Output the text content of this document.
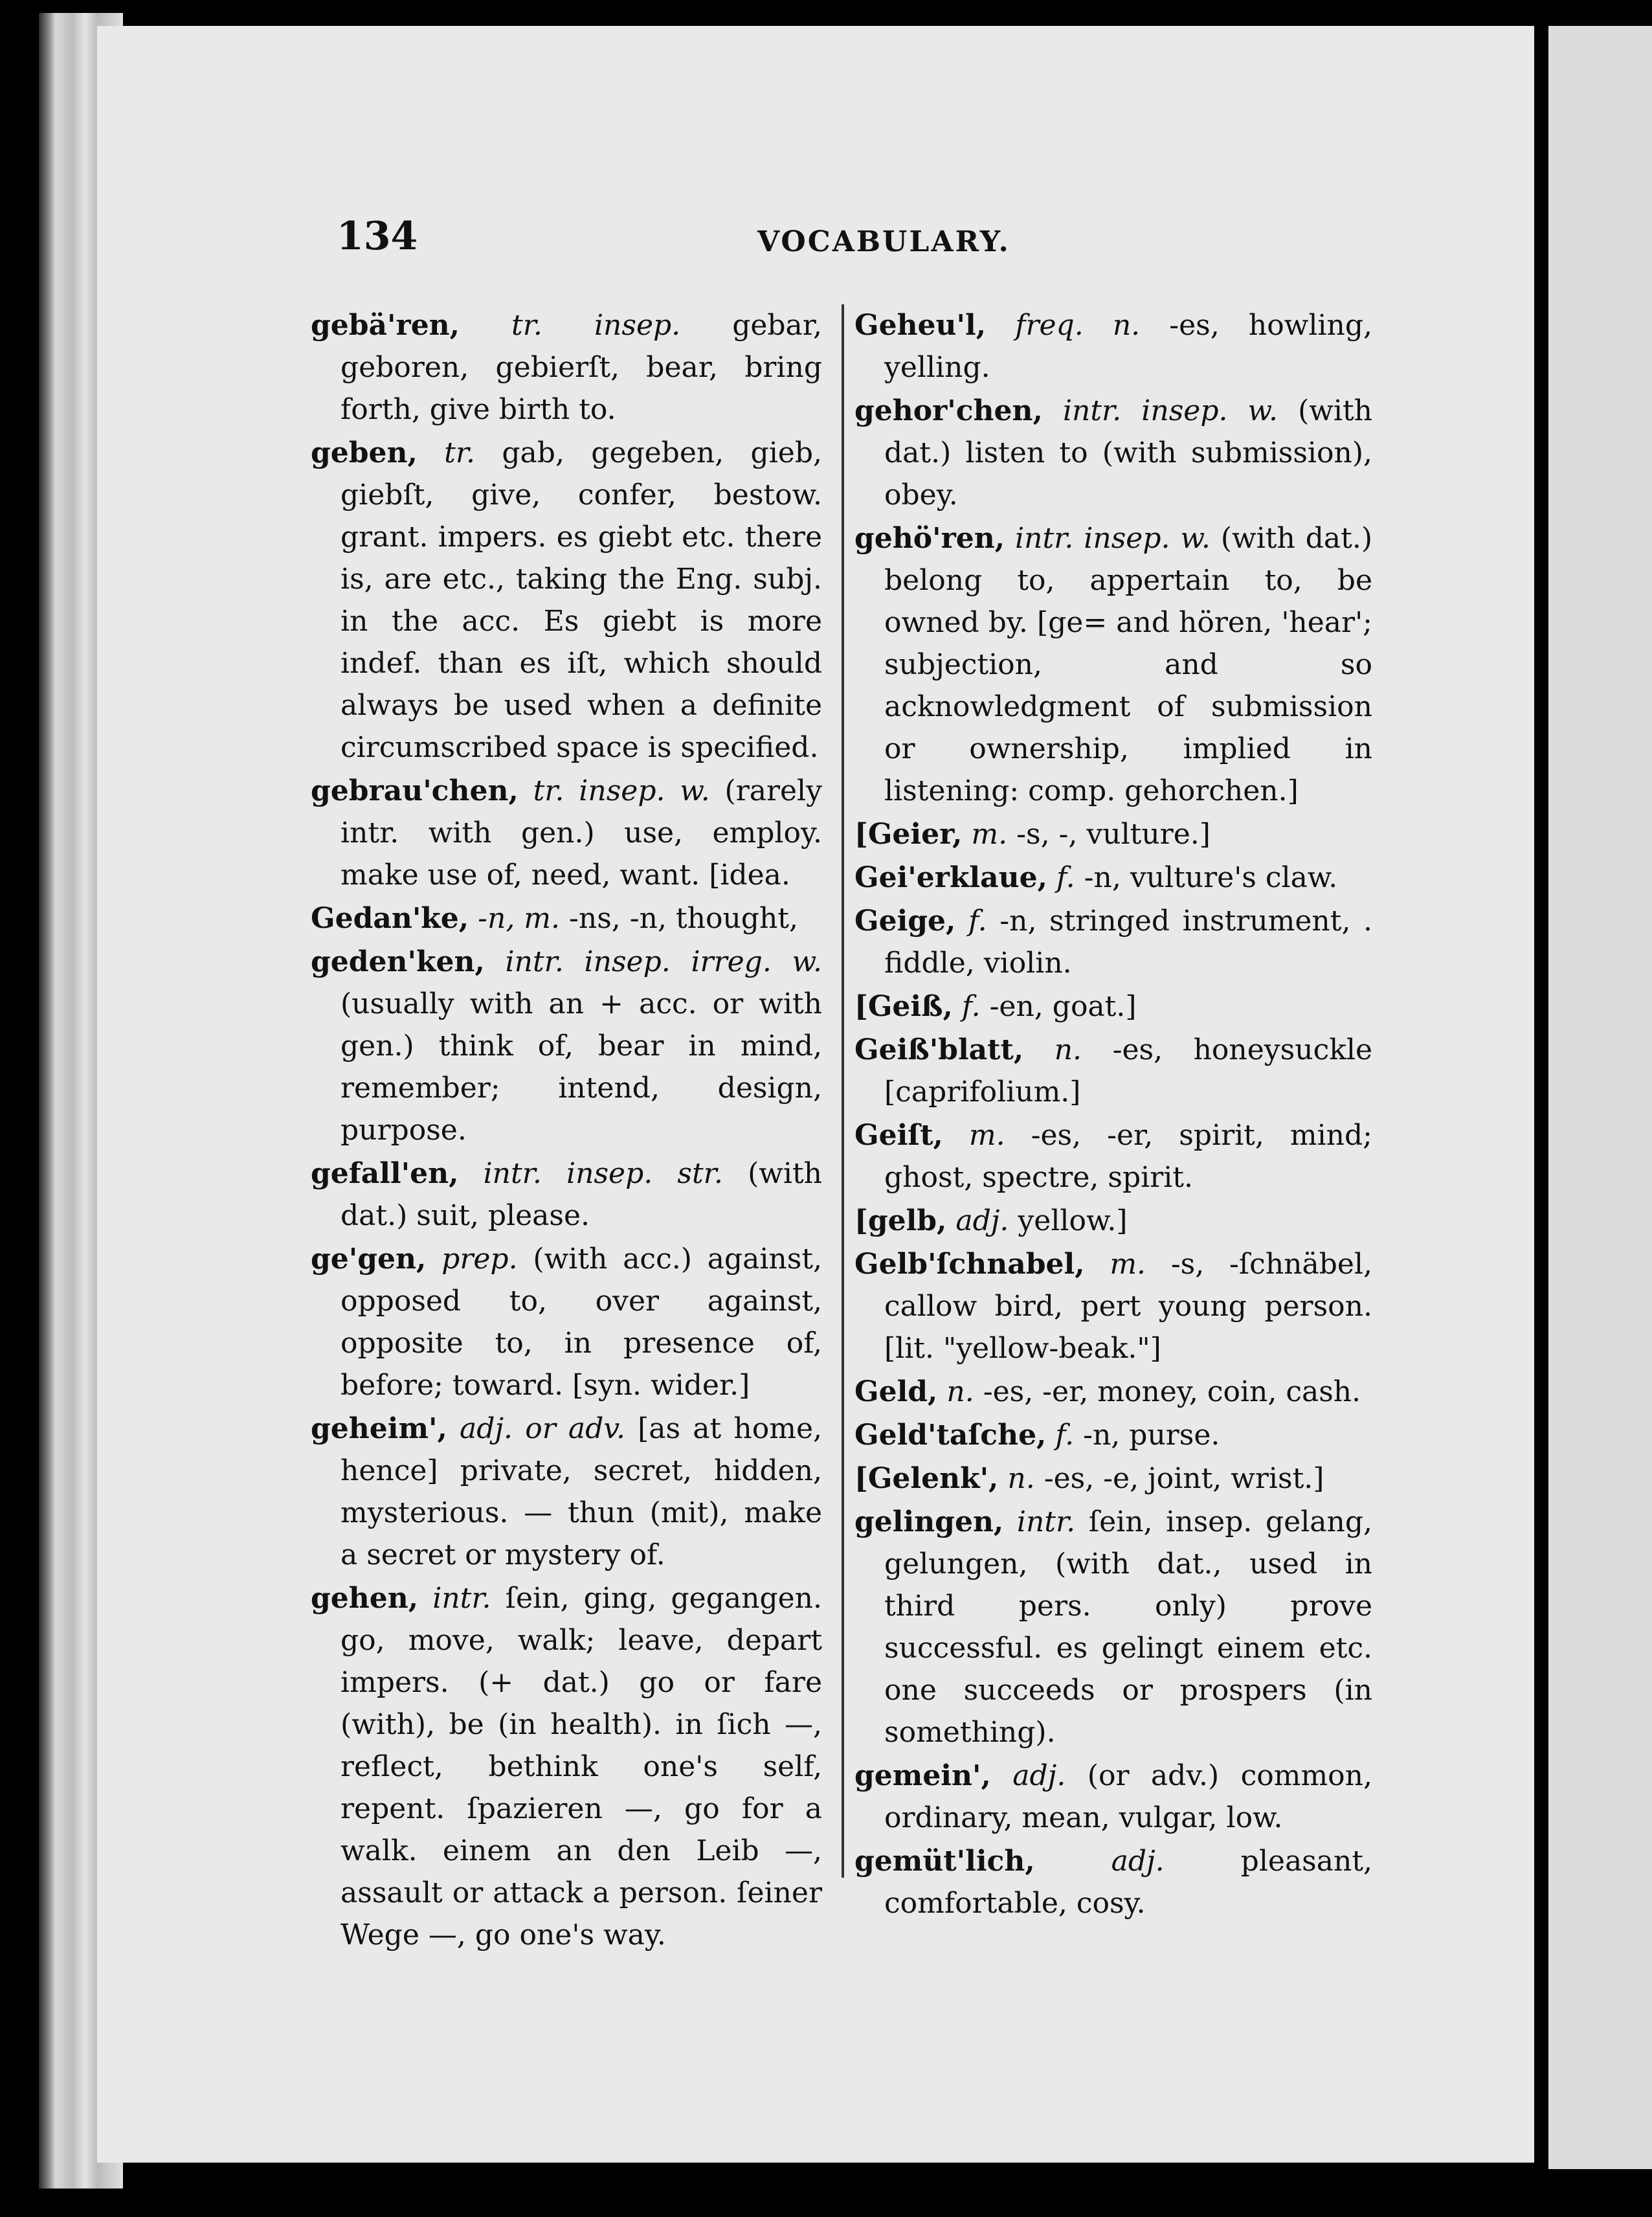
134	VOCABULARY.

gebä'ren, tr. insep. gebar, geboren, gebierſt, bear, bring forth, give birth to.

geben, tr. gab, gegeben, gieb, giebſt, give, confer, bestow. grant. impers. es giebt etc. there is, are etc., taking the Eng. subj. in the acc. Es giebt is more indef. than es iſt, which should always be used when a definite circumscribed space is specified.

gebrau'chen, tr. insep. w. (rarely intr. with gen.) use, employ. make use of, need, want. [idea.

Gedan'ke, -n, m. -ns, -n, thought,

geden'ken, intr. insep. irreg. w. (usually with an + acc. or with gen.) think of, bear in mind, remember; intend, design, purpose.

gefall'en, intr. insep. str. (with dat.) suit, please.

ge'gen, prep. (with acc.) against, opposed to, over against, opposite to, in presence of, before; toward. [syn. wider.]

geheim', adj. or adv. [as at home, hence] private, secret, hidden, mysterious. — thun (mit), make a secret or mystery of.

gehen, intr. ſein, ging, gegangen. go, move, walk; leave, depart impers. (+ dat.) go or fare (with), be (in health). in ſich —, reflect, bethink one's self, repent. ſpazieren —, go for a walk. einem an den Leib —, assault or attack a person. ſeiner Wege —, go one's way.

Geheu'l, freq. n. -es, howling, yelling.

gehor'chen, intr. insep. w. (with dat.) listen to (with submission), obey.

gehö'ren, intr. insep. w. (with dat.) belong to, appertain to, be owned by. [ge= and hören, 'hear'; subjection, and so acknowledgment of submission or ownership, implied in listening: comp. gehorchen.]

[Geier, m. -s, -, vulture.]

Gei'erklaue, f. -n, vulture's claw.

Geige, f. -n, stringed instrument, . fiddle, violin.

[Geiß, f. -en, goat.]

Geiß'blatt, n. -es, honeysuckle [caprifolium.]

Geiſt, m. -es, -er, spirit, mind; ghost, spectre, spirit.

[gelb, adj. yellow.]

Gelb'ſchnabel, m. -s, -ſchnäbel, callow bird, pert young person. [lit. "yellow-beak."]

Geld, n. -es, -er, money, coin, cash.

Geld'taſche, f. -n, purse.

[Gelenk', n. -es, -e, joint, wrist.]

gelingen, intr. ſein, insep. gelang, gelungen, (with dat., used in third pers. only) prove successful. es gelingt einem etc. one succeeds or prospers (in something).

gemein', adj. (or adv.) common, ordinary, mean, vulgar, low.

gemüt'lich,	adj.	pleasant, comfortable, cosy.
